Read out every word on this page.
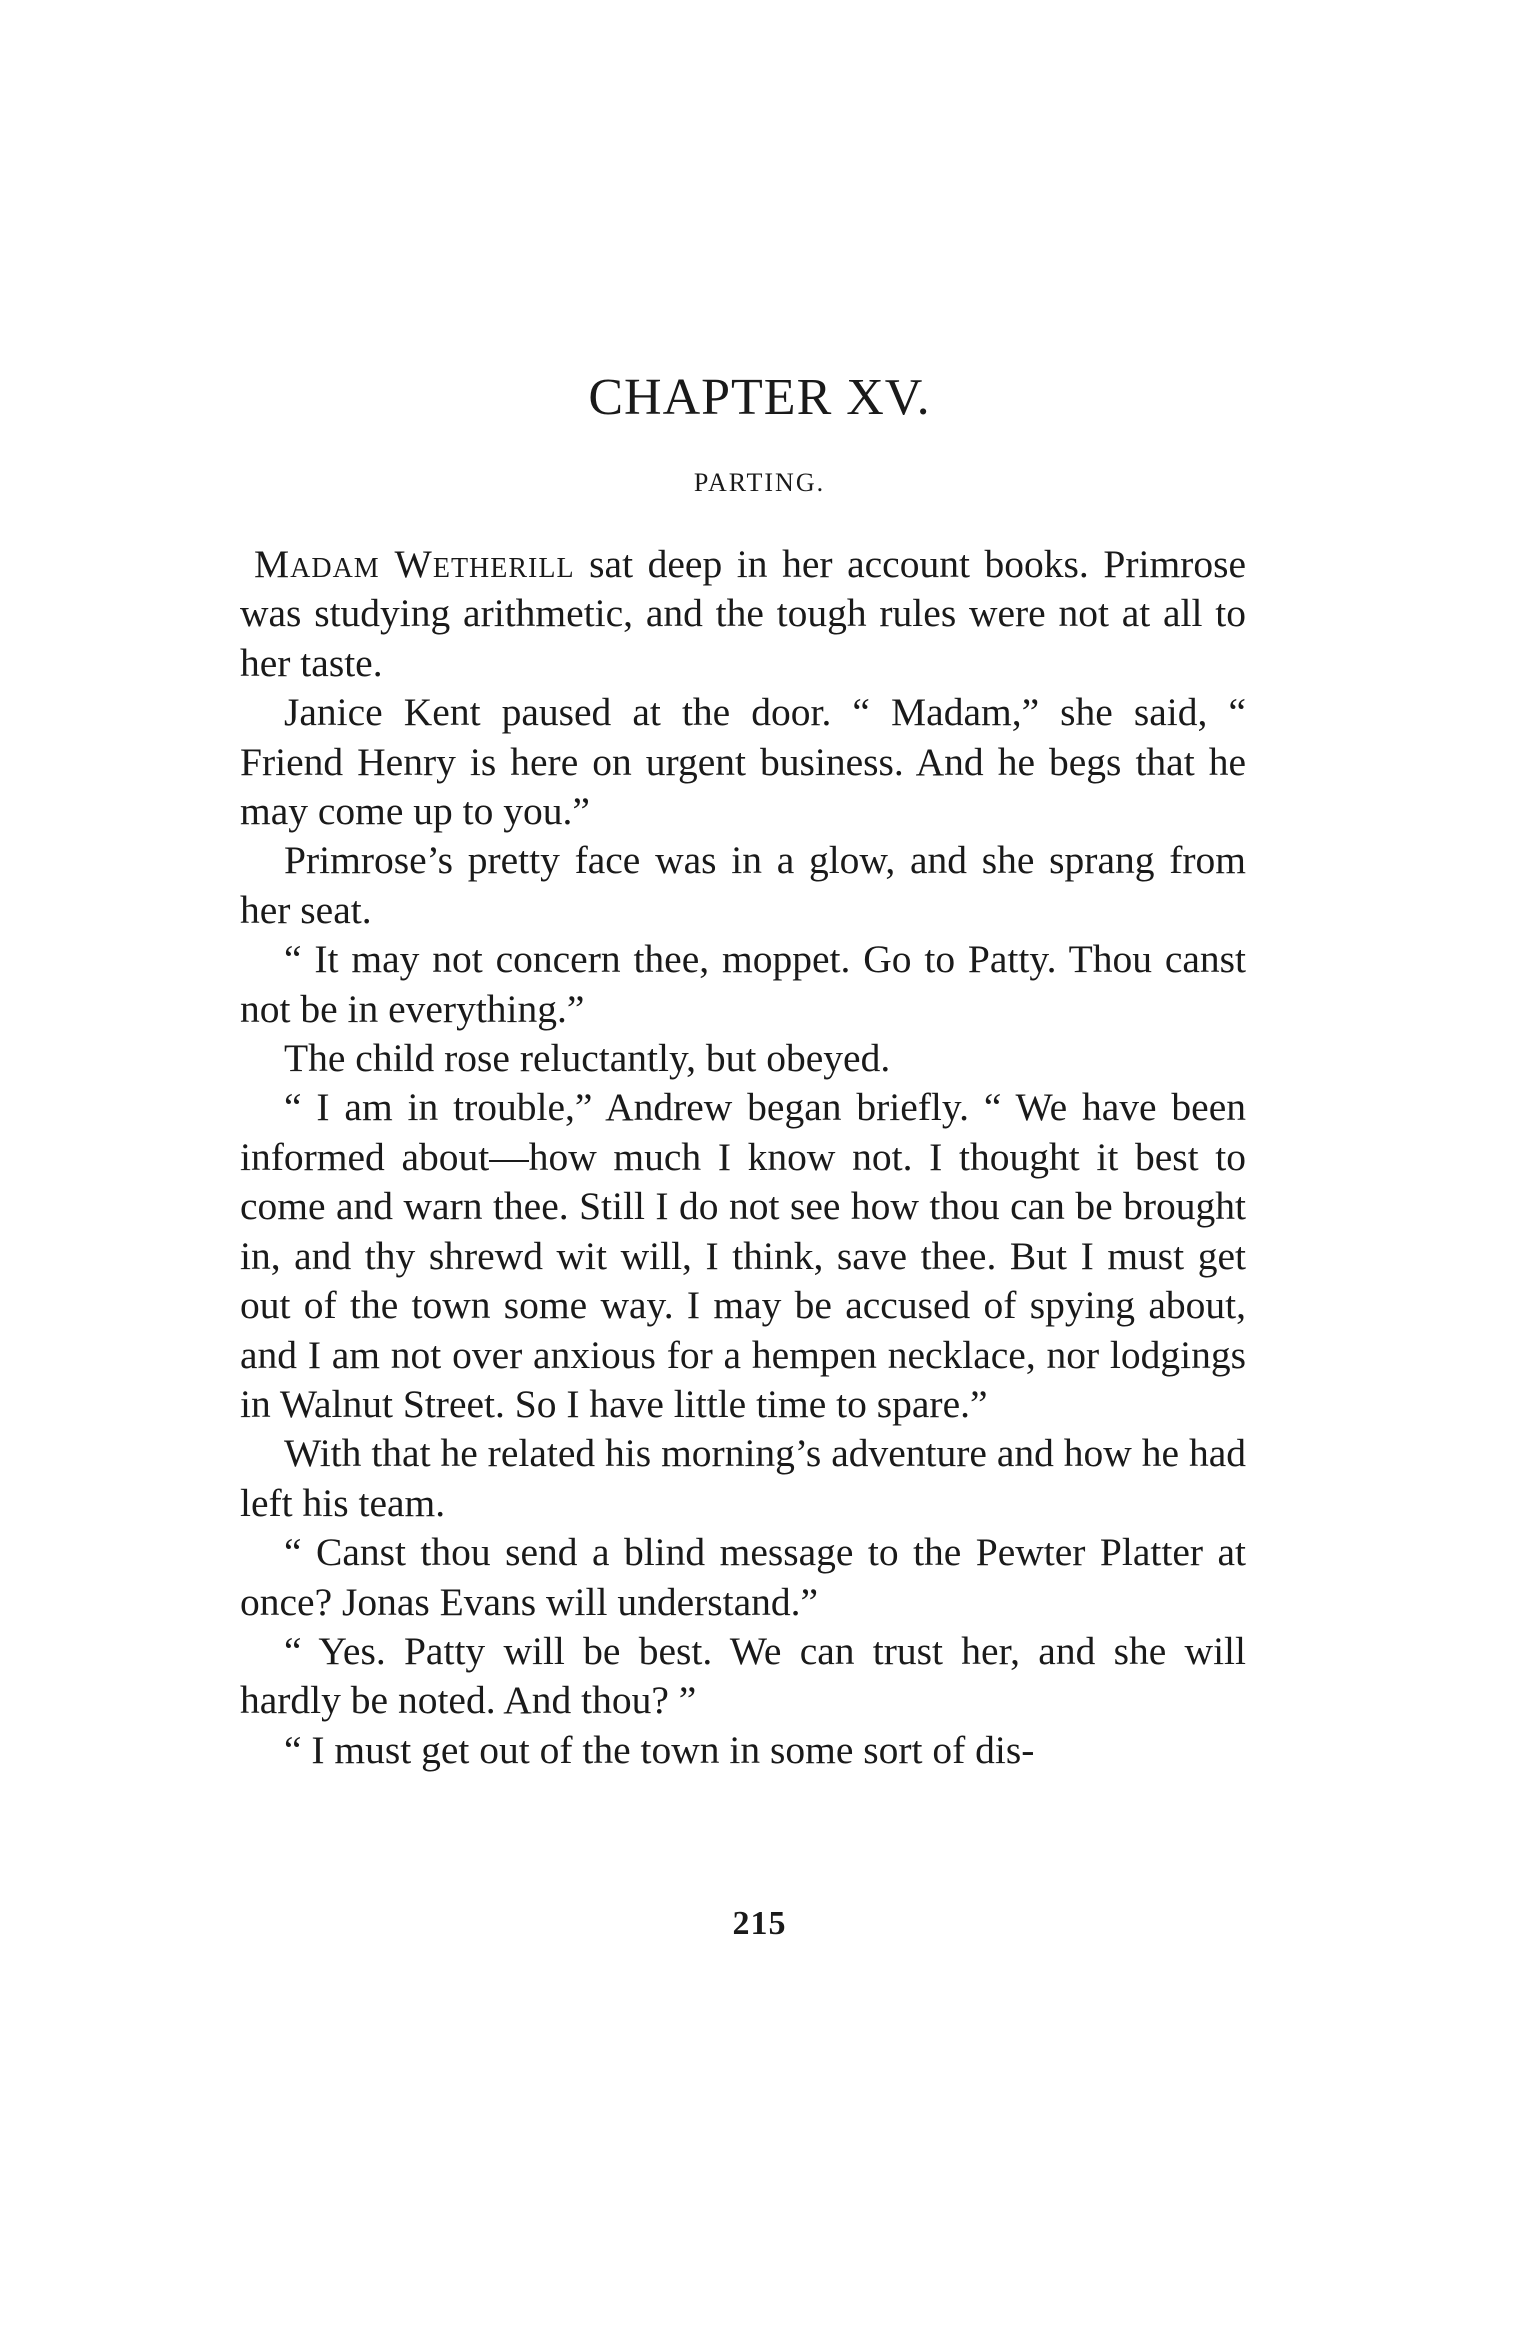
CHAPTER XV.
PARTING.

Madam Wetherill sat deep in her account books. Primrose was studying arithmetic, and the tough rules were not at all to her taste.

Janice Kent paused at the door. “ Madam,” she said, “ Friend Henry is here on urgent business. And he begs that he may come up to you.”

Primrose’s pretty face was in a glow, and she sprang from her seat.

“ It may not concern thee, moppet. Go to Patty. Thou canst not be in everything.”

The child rose reluctantly, but obeyed.

“ I am in trouble,” Andrew began briefly. “ We have been informed about—how much I know not. I thought it best to come and warn thee. Still I do not see how thou can be brought in, and thy shrewd wit will, I think, save thee. But I must get out of the town some way. I may be accused of spying about, and I am not over anxious for a hempen necklace, nor lodgings in Walnut Street. So I have little time to spare.”

With that he related his morning’s adventure and how he had left his team.

“ Canst thou send a blind message to the Pewter Platter at once? Jonas Evans will understand.”

“ Yes. Patty will be best. We can trust her, and she will hardly be noted. And thou? ”

“ I must get out of the town in some sort of dis-

215
